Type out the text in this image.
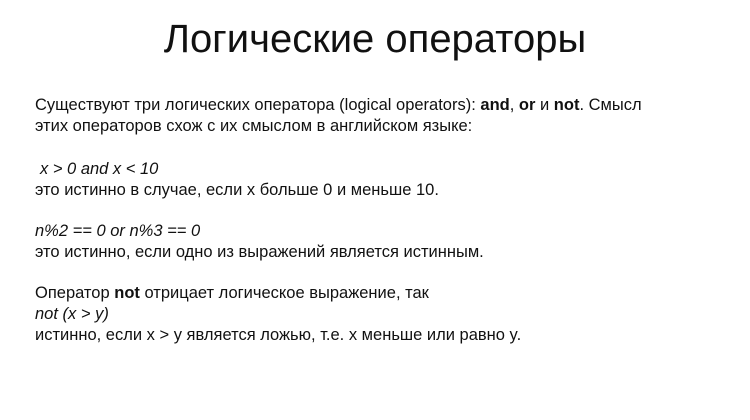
Логические операторы

Существуют три логических оператора (logical operators): and, or и not. Смысл
этих операторов схож с их смыслом в английском языке:

x > 0 and x < 10
это истинно в случае, если x больше 0 и меньше 10.

n%2 == 0 or n%3 == 0
это истинно, если одно из выражений является истинным.

Оператор not отрицает логическое выражение, так
not (x > y)
истинно, если x > y является ложью, т.е. x меньше или равно y.
